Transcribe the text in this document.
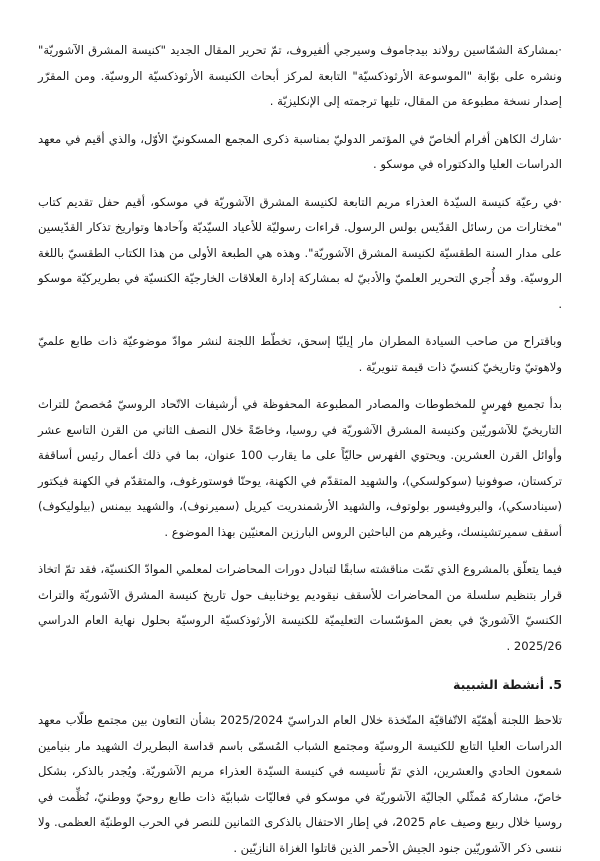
·بمشاركة الشمّاسين رولاند بيدجاموف وسيرجي ألفيروف، تمّ تحرير المقال الجديد "كنيسة المشرق الآشوريّة" ونشره على بوّابة "الموسوعة الأرثوذكسيّة" التابعة لمركز أبحاث الكنيسة الأرثوذكسيّة الروسيّة. ومن المقرّر إصدار نسخة مطبوعة من المقال، تليها ترجمته إلى الإنكليزيّة .

·شارك الكاهن أفرام ألخاصّ في المؤتمر الدوليّ بمناسبة ذكرى المجمع المسكونيّ الأوّل، والذي أقيم في معهد الدراسات العليا والدكتوراه في موسكو .

·في رعيّة كنيسة السيّدة العذراء مريم التابعة لكنيسة المشرق الآشوريّة في موسكو، أقيم حفل تقديم كتاب "مختارات من رسائل القدّيس بولس الرسول. قراءات رسوليّة للأعياد السيّديّة وآحادها وتواريخ تذكار القدّيسين على مدار السنة الطقسيّة لكنيسة المشرق الآشوريّة". وهذه هي الطبعة الأولى من هذا الكتاب الطقسيّ باللغة الروسيّة. وقد أُجري التحرير العلميّ والأدبيّ له بمشاركة إدارة العلاقات الخارجيّة الكنسيّة في بطريركيّة موسكو .

وباقتراح من صاحب السيادة المطران مار إيليّا إسحق، تخطّط اللجنة لنشر موادّ موضوعيّة ذات طابع علميّ ولاهوتيّ وتاريخيّ كنسيّ ذات قيمة تنويريّة .

بدأ تجميع فهرسٍ للمخطوطات والمصادر المطبوعة المحفوظة في أرشيفات الاتّحاد الروسيّ مُخصصٌ للتراث التاريخيّ للآشوريّين وكنيسة المشرق الآشوريّة في روسيا، وخاصّةً خلال النصف الثاني من القرن التاسع عشر وأوائل القرن العشرين. ويحتوي الفهرس حاليّاً على ما يقارب 100 عنوان، بما في ذلك أعمال رئيس أساقفة تركستان، صوفونيا (سوكولسكي)، والشهيد المتقدّم في الكهنة، يوحنّا فوستورغوف، والمتقدّم في الكهنة فيكتور (سينادسكي)، والبروفيسور بولوتوف، والشهيد الأرشمندريت كيريل (سميرنوف)، والشهيد بيمنس (بيلوليكوف) أسقف سميرتشينسك، وغيرهم من الباحثين الروس البارزين المعنيّين بهذا الموضوع .

فيما يتعلّق بالمشروع الذي تمّت مناقشته سابقًا لتبادل دورات المحاضرات لمعلمي الموادّ الكنسيّة، فقد تمّ اتخاذ قرار بتنظيم سلسلة من المحاضرات للأسقف نيقوديم يوخنابيف حول تاريخ كنيسة المشرق الآشوريّة والتراث الكنسيّ الآشوريّ في بعض المؤسّسات التعليميّة للكنيسة الأرثوذكسيّة الروسيّة بحلول نهاية العام الدراسي 2025/26 .

5. أنشطة الشبيبة

تلاحظ اللجنة أهمّيّة الاتّفاقيّة المتّخذة خلال العام الدراسيّ 2025/2024 بشأن التعاون بين مجتمع طلّاب معهد الدراسات العليا التابع للكنيسة الروسيّة ومجتمع الشباب المُسمّى باسم قداسة البطريرك الشهيد مار بنيامين شمعون الحادي والعشرين، الذي تمّ تأسيسه في كنيسة السيّدة العذراء مريم الآشوريّة. ويُجدر بالذكر، بشكل خاصّ، مشاركة مُمثّلي الجاليّة الآشوريّة في موسكو في فعاليّات شبابيّة ذات طابع روحيّ ووطنيّ، نُظِّمت في روسيا خلال ربيع وصيف عام 2025، في إطار الاحتفال بالذكرى الثمانين للنصر في الحرب الوطنيّة العظمى. ولا ننسى ذكر الآشوريّين جنود الجيش الأحمر الذين قاتلوا الغزاة النازيّين .
